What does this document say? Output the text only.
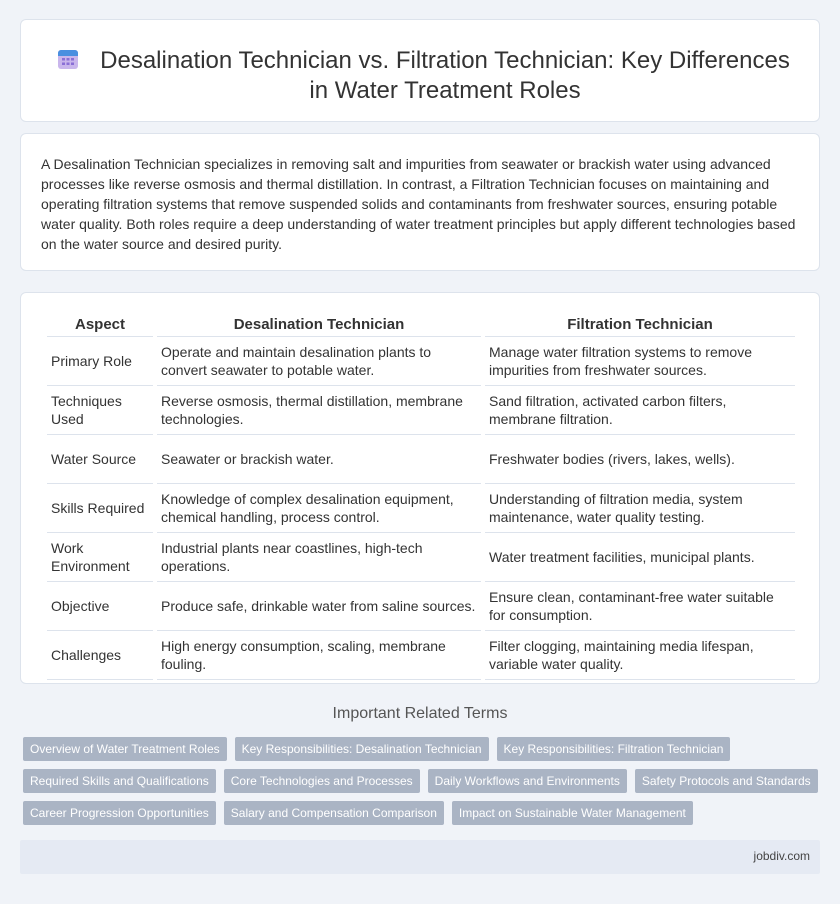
Desalination Technician vs. Filtration Technician: Key Differences in Water Treatment Roles

A Desalination Technician specializes in removing salt and impurities from seawater or brackish water using advanced processes like reverse osmosis and thermal distillation. In contrast, a Filtration Technician focuses on maintaining and operating filtration systems that remove suspended solids and contaminants from freshwater sources, ensuring potable water quality. Both roles require a deep understanding of water treatment principles but apply different technologies based on the water source and desired purity.

Aspect	Desalination Technician	Filtration Technician
Primary Role	Operate and maintain desalination plants to convert seawater to potable water.	Manage water filtration systems to remove impurities from freshwater sources.
Techniques Used	Reverse osmosis, thermal distillation, membrane technologies.	Sand filtration, activated carbon filters, membrane filtration.
Water Source	Seawater or brackish water.	Freshwater bodies (rivers, lakes, wells).
Skills Required	Knowledge of complex desalination equipment, chemical handling, process control.	Understanding of filtration media, system maintenance, water quality testing.
Work Environment	Industrial plants near coastlines, high-tech operations.	Water treatment facilities, municipal plants.
Objective	Produce safe, drinkable water from saline sources.	Ensure clean, contaminant-free water suitable for consumption.
Challenges	High energy consumption, scaling, membrane fouling.	Filter clogging, maintaining media lifespan, variable water quality.
Important Related Terms
Overview of Water Treatment Roles	Key Responsibilities: Desalination Technician	Key Responsibilities: Filtration Technician
Required Skills and Qualifications	Core Technologies and Processes	Daily Workflows and Environments	Safety Protocols and Standards
Career Progression Opportunities	Salary and Compensation Comparison	Impact on Sustainable Water Management
jobdiv.com
